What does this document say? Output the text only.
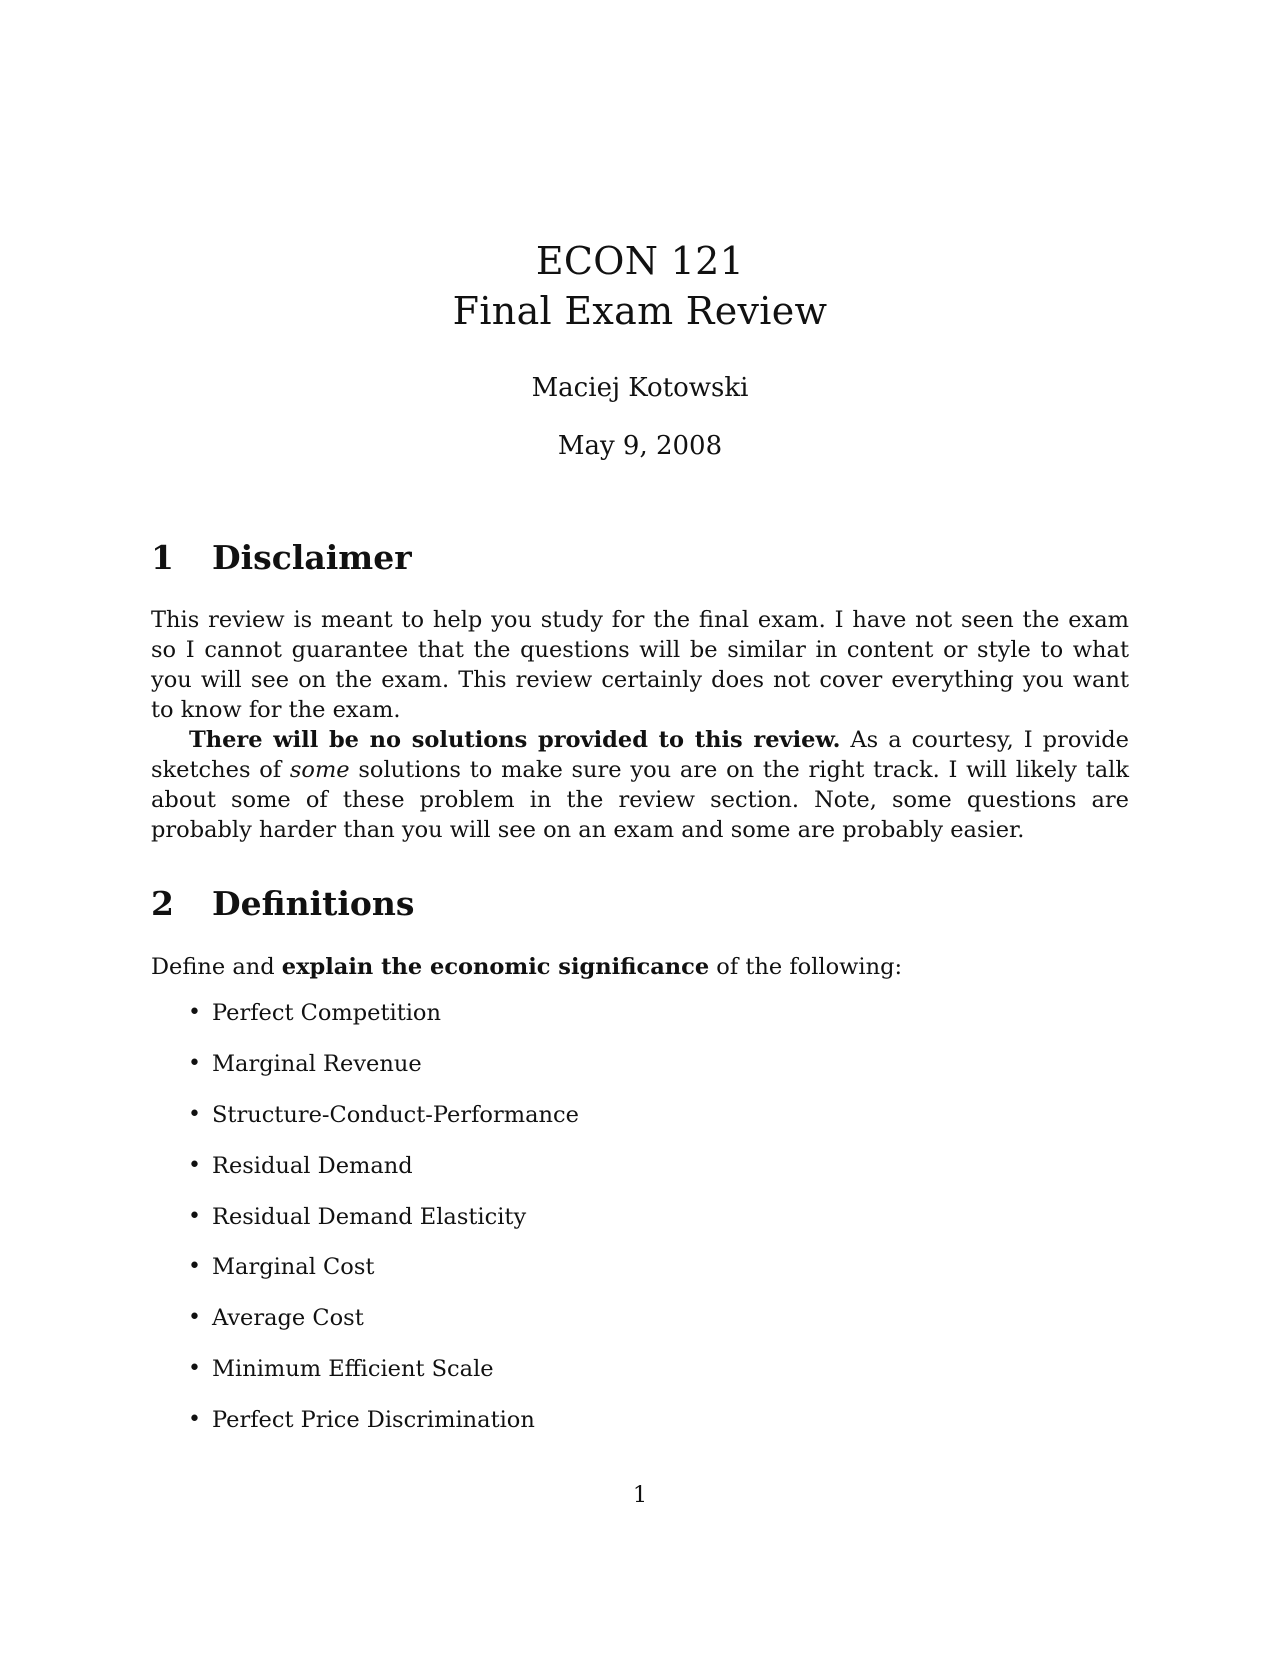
ECON 121
Final Exam Review
Maciej Kotowski
May 9, 2008
1 Disclaimer
This review is meant to help you study for the final exam. I have not seen the exam so I cannot guarantee that the questions will be similar in content or style to what you will see on the exam. This review certainly does not cover everything you want to know for the exam.
There will be no solutions provided to this review. As a courtesy, I provide sketches of some solutions to make sure you are on the right track. I will likely talk about some of these problem in the review section. Note, some questions are probably harder than you will see on an exam and some are probably easier.
2 Definitions
Define and explain the economic significance of the following:
• Perfect Competition
• Marginal Revenue
• Structure-Conduct-Performance
• Residual Demand
• Residual Demand Elasticity
• Marginal Cost
• Average Cost
• Minimum Efficient Scale
• Perfect Price Discrimination
1
